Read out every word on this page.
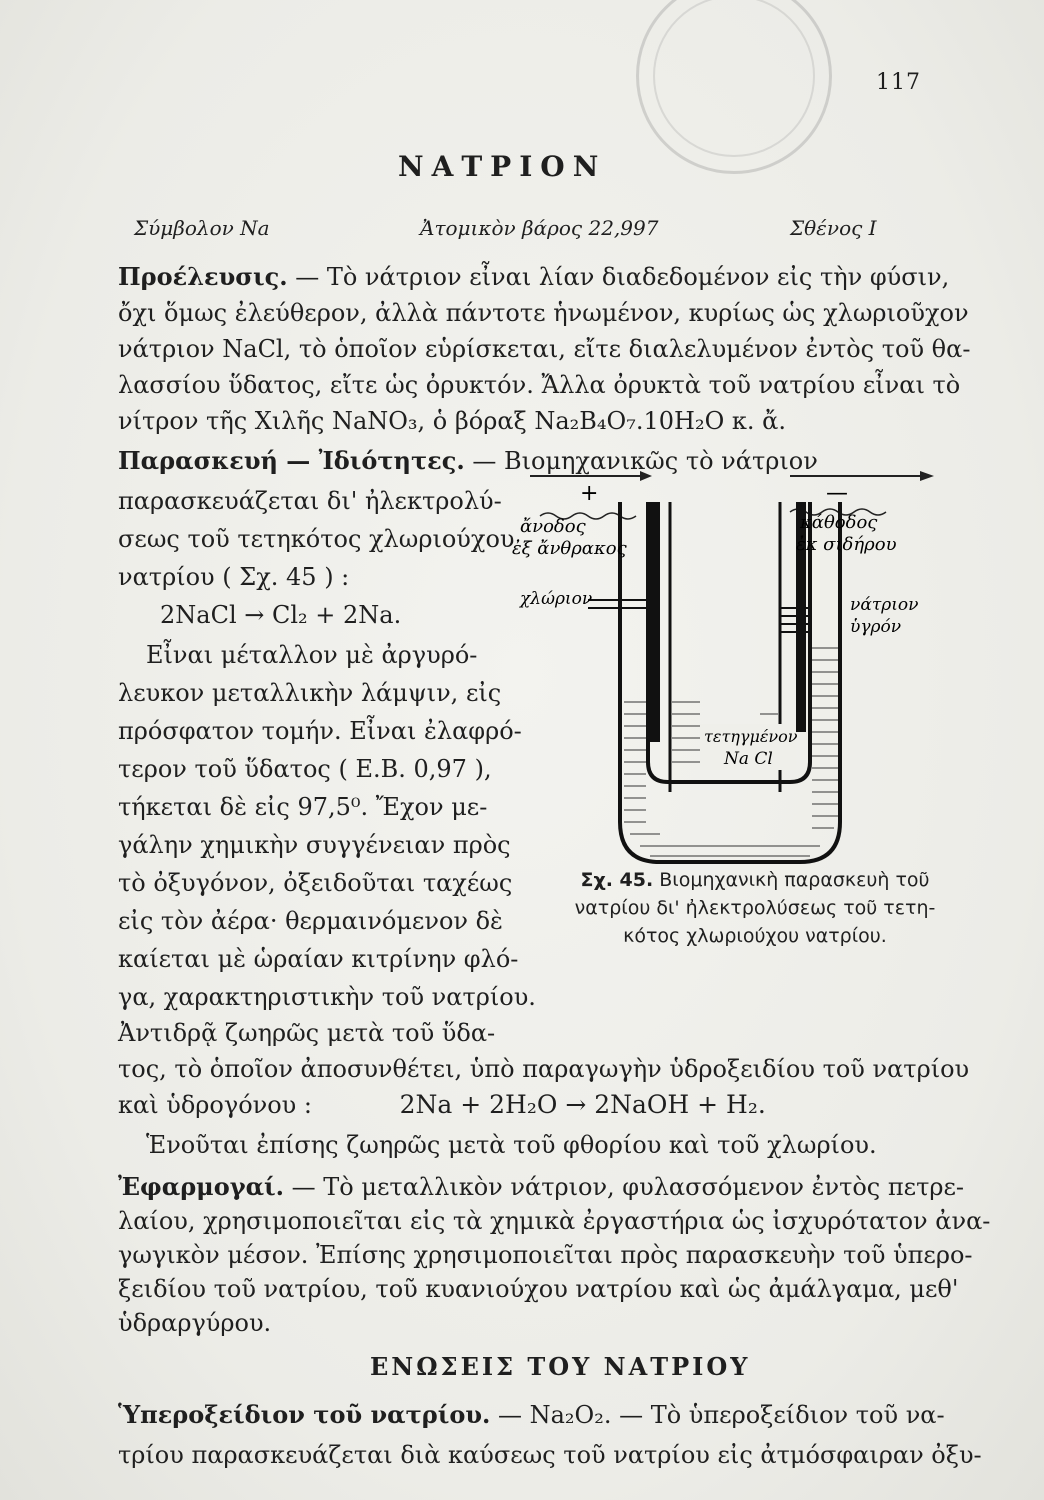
117
ΝΑΤΡΙΟΝ
Σύμβολον Na	Ἀτομικὸν βάρος 22,997	Σθένος I
Προέλευσις. — Τὸ νάτριον εἶναι λίαν διαδεδομένον εἰς τὴν φύσιν,
ὄχι ὅμως ἐλεύθερον, ἀλλὰ πάντοτε ἡνωμένον, κυρίως ὡς χλωριοῦχον
νάτριον NaCl, τὸ ὁποῖον εὑρίσκεται, εἴτε διαλελυμένον ἐντὸς τοῦ θα-
λασσίου ὕδατος, εἴτε ὡς ὀρυκτόν. Ἄλλα ὀρυκτὰ τοῦ νατρίου εἶναι τὸ
νίτρον τῆς Χιλῆς NaNO₃, ὁ βόραξ Na₂B₄O₇.10H₂O κ. ἄ.
Παρασκευή — Ἰδιότητες. — Βιομηχανικῶς τὸ νάτριον
παρασκευάζεται δι' ἠλεκτρολύ-
σεως τοῦ τετηκότος χλωριούχου
νατρίου ( Σχ. 45 ) :
2NaCl → Cl₂ + 2Na.
Εἶναι μέταλλον μὲ ἀργυρό-
λευκον μεταλλικὴν λάμψιν, εἰς
πρόσφατον τομήν. Εἶναι ἐλαφρό-
τερον τοῦ ὕδατος ( Ε.Β. 0,97 ),
τήκεται δὲ εἰς 97,5⁰. Ἔχον με-
γάλην χημικὴν συγγένειαν πρὸς
τὸ ὀξυγόνον, ὀξειδοῦται ταχέως
εἰς τὸν ἀέρα· θερμαινόμενον δὲ
καίεται μὲ ὡραίαν κιτρίνην φλό-
γα, χαρακτηριστικὴν τοῦ νατρίου.
Ἀντιδρᾷ ζωηρῶς μετὰ τοῦ ὕδα-
τος, τὸ ὁποῖον ἀποσυνθέτει, ὑπὸ παραγωγὴν ὑδροξειδίου τοῦ νατρίου
καὶ ὑδρογόνου :	2Na + 2H₂O → 2NaOH + H₂.
Ἑνοῦται ἐπίσης ζωηρῶς μετὰ τοῦ φθορίου καὶ τοῦ χλωρίου.
Ἐφαρμογαί. — Τὸ μεταλλικὸν νάτριον, φυλασσόμενον ἐντὸς πετρε-
λαίου, χρησιμοποιεῖται εἰς τὰ χημικὰ ἐργαστήρια ὡς ἰσχυρότατον ἀνα-
γωγικὸν μέσον. Ἐπίσης χρησιμοποιεῖται πρὸς παρασκευὴν τοῦ ὑπερο-
ξειδίου τοῦ νατρίου, τοῦ κυανιούχου νατρίου καὶ ὡς ἀμάλγαμα, μεθ'
ὑδραργύρου.
ΕΝΩΣΕΙΣ ΤΟΥ ΝΑΤΡΙΟΥ
Ὑπεροξείδιον τοῦ νατρίου. — Na₂O₂. — Τὸ ὑπεροξείδιον τοῦ να-
τρίου παρασκευάζεται διὰ καύσεως τοῦ νατρίου εἰς ἀτμόσφαιραν ὀξυ-
+	—
ἄνοδος
ἐξ ἄνθρακος
κάθοδος
ἐκ σιδήρου
χλώριον	νάτριον
ὑγρόν
τετηγμένον
Na Cl
Σχ. 45. Βιομηχανικὴ παρασκευὴ τοῦ
νατρίου δι' ἠλεκτρολύσεως τοῦ τετη-
κότος χλωριούχου νατρίου.
